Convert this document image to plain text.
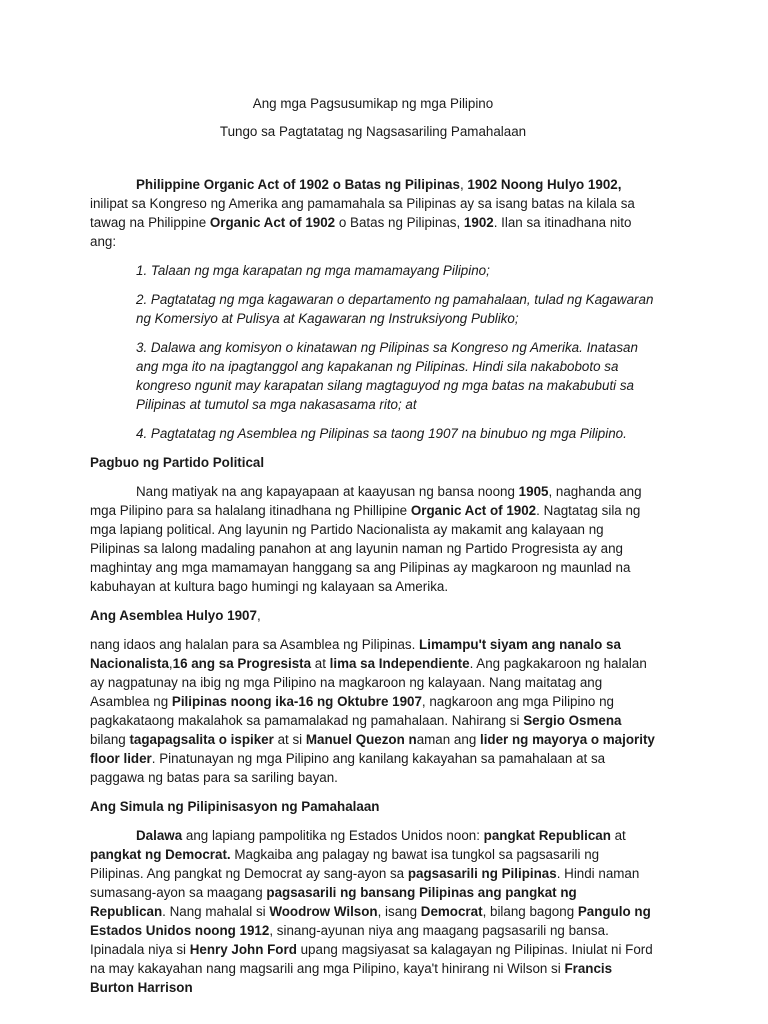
Ang mga Pagsusumikap ng mga Pilipino

Tungo sa Pagtatatag ng Nagsasariling Pamahalaan

Philippine Organic Act of 1902 o Batas ng Pilipinas, 1902 Noong Hulyo 1902, inilipat sa Kongreso ng Amerika ang pamamahala sa Pilipinas ay sa isang batas na kilala sa tawag na Philippine Organic Act of 1902 o Batas ng Pilipinas, 1902. Ilan sa itinadhana nito ang:

1. Talaan ng mga karapatan ng mga mamamayang Pilipino;

2. Pagtatatag ng mga kagawaran o departamento ng pamahalaan, tulad ng Kagawaran ng Komersiyo at Pulisya at Kagawaran ng Instruksiyong Publiko;

3. Dalawa ang komisyon o kinatawan ng Pilipinas sa Kongreso ng Amerika. Inatasan ang mga ito na ipagtanggol ang kapakanan ng Pilipinas. Hindi sila nakaboboto sa kongreso ngunit may karapatan silang magtaguyod ng mga batas na makabubuti sa Pilipinas at tumutol sa mga nakasasama rito; at

4. Pagtatatag ng Asemblea ng Pilipinas sa taong 1907 na binubuo ng mga Pilipino.

Pagbuo ng Partido Political

Nang matiyak na ang kapayapaan at kaayusan ng bansa noong 1905, naghanda ang mga Pilipino para sa halalang itinadhana ng Phillipine Organic Act of 1902. Nagtatag sila ng mga lapiang political. Ang layunin ng Partido Nacionalista ay makamit ang kalayaan ng Pilipinas sa lalong madaling panahon at ang layunin naman ng Partido Progresista ay ang maghintay ang mga mamamayan hanggang sa ang Pilipinas ay magkaroon ng maunlad na kabuhayan at kultura bago humingi ng kalayaan sa Amerika.

Ang Asemblea Hulyo 1907,

nang idaos ang halalan para sa Asamblea ng Pilipinas. Limampu't siyam ang nanalo sa Nacionalista,16 ang sa Progresista at lima sa Independiente. Ang pagkakaroon ng halalan ay nagpatunay na ibig ng mga Pilipino na magkaroon ng kalayaan. Nang maitatag ang Asamblea ng Pilipinas noong ika-16 ng Oktubre 1907, nagkaroon ang mga Pilipino ng pagkakataong makalahok sa pamamalakad ng pamahalaan. Nahirang si Sergio Osmena bilang tagapagsalita o ispiker at si Manuel Quezon naman ang lider ng mayorya o majority floor lider. Pinatunayan ng mga Pilipino ang kanilang kakayahan sa pamahalaan at sa paggawa ng batas para sa sariling bayan.

Ang Simula ng Pilipinisasyon ng Pamahalaan

Dalawa ang lapiang pampolitika ng Estados Unidos noon: pangkat Republican at pangkat ng Democrat. Magkaiba ang palagay ng bawat isa tungkol sa pagsasarili ng Pilipinas. Ang pangkat ng Democrat ay sang-ayon sa pagsasarili ng Pilipinas. Hindi naman sumasang-ayon sa maagang pagsasarili ng bansang Pilipinas ang pangkat ng Republican. Nang mahalal si Woodrow Wilson, isang Democrat, bilang bagong Pangulo ng Estados Unidos noong 1912, sinang-ayunan niya ang maagang pagsasarili ng bansa. Ipinadala niya si Henry John Ford upang magsiyasat sa kalagayan ng Pilipinas. Iniulat ni Ford na may kakayahan nang magsarili ang mga Pilipino, kaya't hinirang ni Wilson si Francis Burton Harrison
